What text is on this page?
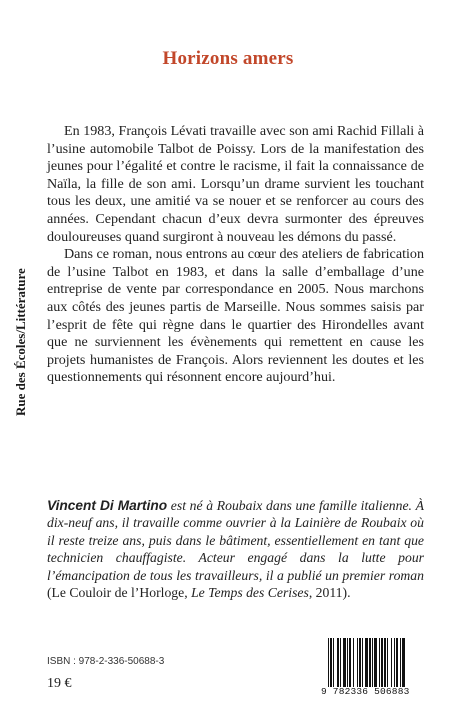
Rue des Écoles/Littérature
Horizons amers

En 1983, François Lévati travaille avec son ami Rachid Fillali à l’usine automobile Talbot de Poissy. Lors de la manifestation des jeunes pour l’égalité et contre le racisme, il fait la connaissance de Naïla, la fille de son ami. Lorsqu’un drame survient les touchant tous les deux, une amitié va se nouer et se renforcer au cours des années. Cependant chacun d’eux devra surmonter des épreuves douloureuses quand surgiront à nouveau les démons du passé.

Dans ce roman, nous entrons au cœur des ateliers de fabrication de l’usine Talbot en 1983, et dans la salle d’emballage d’une entreprise de vente par correspondance en 2005. Nous marchons aux côtés des jeunes partis de Marseille. Nous sommes saisis par l’esprit de fête qui règne dans le quartier des Hirondelles avant que ne surviennent les évènements qui remettent en cause les projets humanistes de François. Alors reviennent les doutes et les questionnements qui résonnent encore aujourd’hui.

Vincent Di Martino est né à Roubaix dans une famille italienne. À dix-neuf ans, il travaille comme ouvrier à la Lainière de Roubaix où il reste treize ans, puis dans le bâtiment, essentiellement en tant que technicien chauffagiste. Acteur engagé dans la lutte pour l’émancipation de tous les travailleurs, il a publié un premier roman (Le Couloir de l’Horloge, Le Temps des Cerises, 2011).
ISBN : 978-2-336-50688-3
19 €
9 782336 506883
